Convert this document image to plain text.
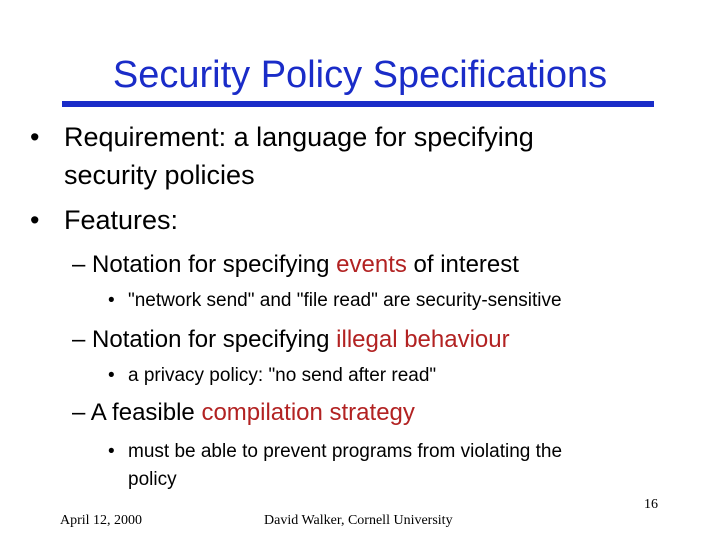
Security Policy Specifications
• Requirement: a language for specifying
security policies
• Features:
– Notation for specifying events of interest
• "network send" and "file read" are security-sensitive
– Notation for specifying illegal behaviour
• a privacy policy: "no send after read"
– A feasible compilation strategy
• must be able to prevent programs from violating the
policy
April 12, 2000	David Walker, Cornell University
16
